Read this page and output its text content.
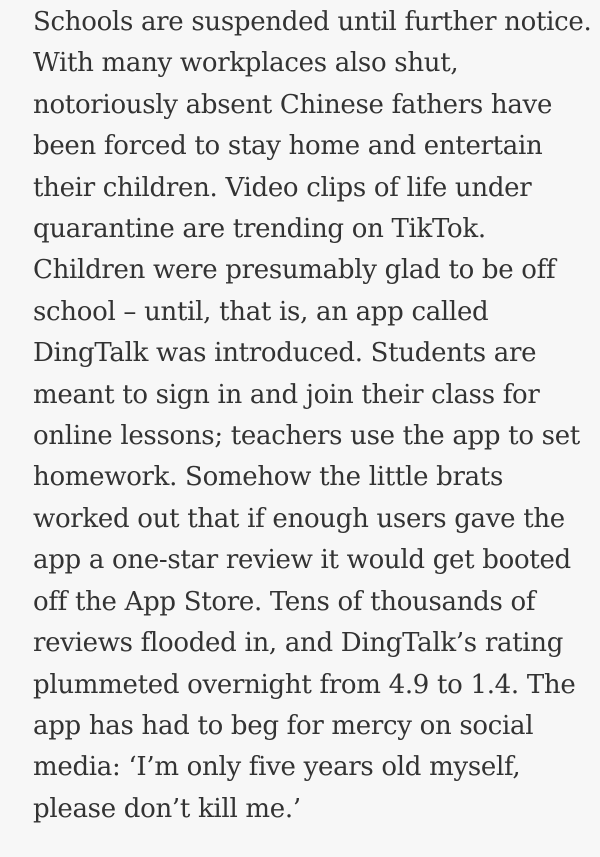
Schools are suspended until further notice.
With many workplaces also shut,
notoriously absent Chinese fathers have
been forced to stay home and entertain
their children. Video clips of life under
quarantine are trending on TikTok.
Children were presumably glad to be off
school – until, that is, an app called
DingTalk was introduced. Students are
meant to sign in and join their class for
online lessons; teachers use the app to set
homework. Somehow the little brats
worked out that if enough users gave the
app a one-star review it would get booted
off the App Store. Tens of thousands of
reviews flooded in, and DingTalk’s rating
plummeted overnight from 4.9 to 1.4. The
app has had to beg for mercy on social
media: ‘I’m only five years old myself,
please don’t kill me.’
